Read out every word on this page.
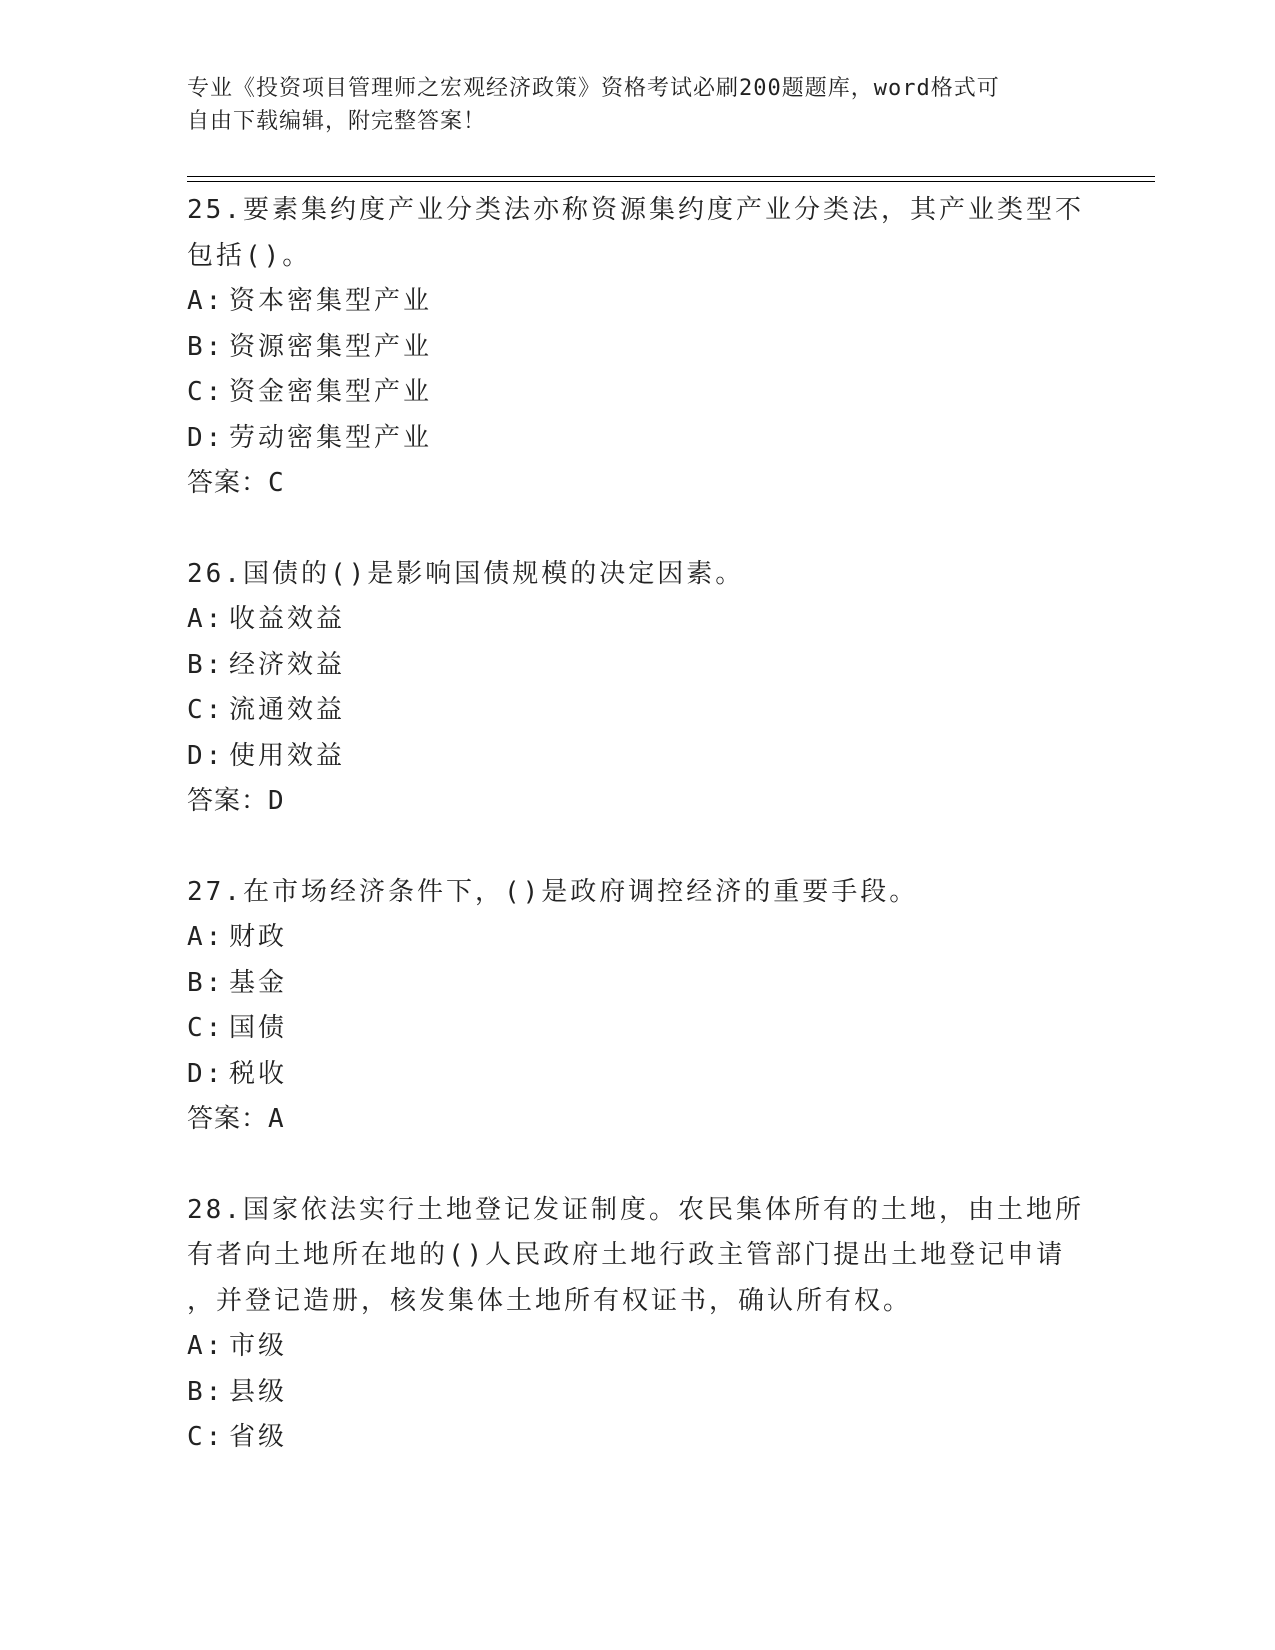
专业《投资项目管理师之宏观经济政策》资格考试必刷200题题库，word格式可
自由下载编辑，附完整答案！
25.要素集约度产业分类法亦称资源集约度产业分类法，其产业类型不
包括()。
A: 资本密集型产业
B: 资源密集型产业
C: 资金密集型产业
D: 劳动密集型产业
答案：C
26.国债的()是影响国债规模的决定因素。
A: 收益效益
B: 经济效益
C: 流通效益
D: 使用效益
答案：D
27.在市场经济条件下，()是政府调控经济的重要手段。
A: 财政
B: 基金
C: 国债
D: 税收
答案：A
28.国家依法实行土地登记发证制度。农民集体所有的土地，由土地所
有者向土地所在地的()人民政府土地行政主管部门提出土地登记申请
，并登记造册，核发集体土地所有权证书，确认所有权。
A: 市级
B: 县级
C: 省级
